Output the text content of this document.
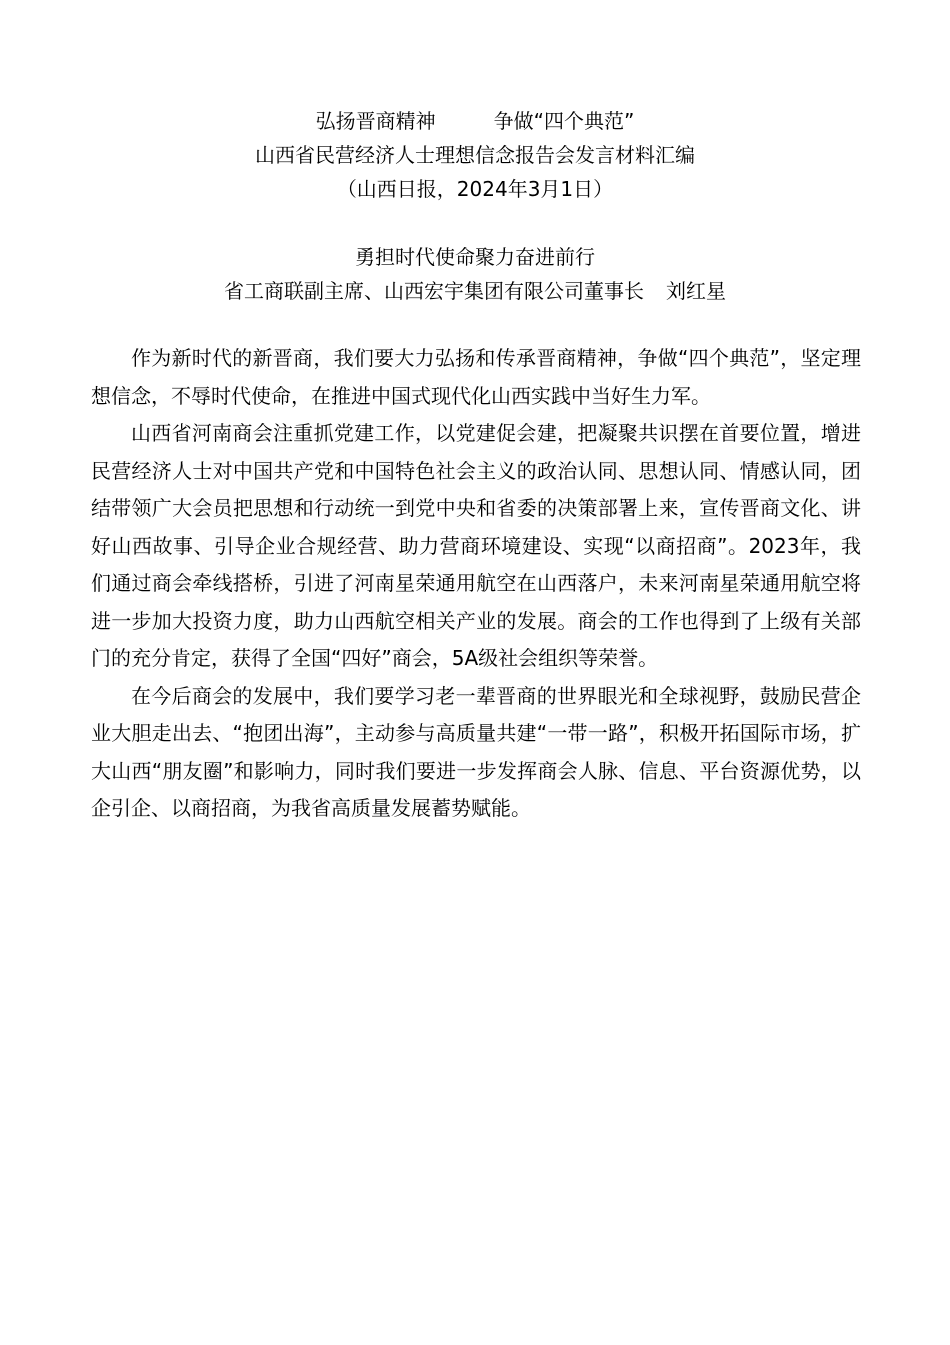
弘扬晋商精神	争做“四个典范”
山西省民营经济人士理想信念报告会发言材料汇编
（山西日报，2024年3月1日）
勇担时代使命聚力奋进前行
省工商联副主席、山西宏宇集团有限公司董事长 刘红星

作为新时代的新晋商，我们要大力弘扬和传承晋商精神，争做“四个典范”，坚定理想信念，不辱时代使命，在推进中国式现代化山西实践中当好生力军。

山西省河南商会注重抓党建工作，以党建促会建，把凝聚共识摆在首要位置，增进民营经济人士对中国共产党和中国特色社会主义的政治认同、思想认同、情感认同，团结带领广大会员把思想和行动统一到党中央和省委的决策部署上来，宣传晋商文化、讲好山西故事、引导企业合规经营、助力营商环境建设、实现“以商招商”。2023年，我们通过商会牵线搭桥，引进了河南星荣通用航空在山西落户，未来河南星荣通用航空将进一步加大投资力度，助力山西航空相关产业的发展。商会的工作也得到了上级有关部门的充分肯定，获得了全国“四好”商会，5A级社会组织等荣誉。

在今后商会的发展中，我们要学习老一辈晋商的世界眼光和全球视野，鼓励民营企业大胆走出去、“抱团出海”，主动参与高质量共建“一带一路”，积极开拓国际市场，扩大山西“朋友圈”和影响力，同时我们要进一步发挥商会人脉、信息、平台资源优势，以企引企、以商招商，为我省高质量发展蓄势赋能。
